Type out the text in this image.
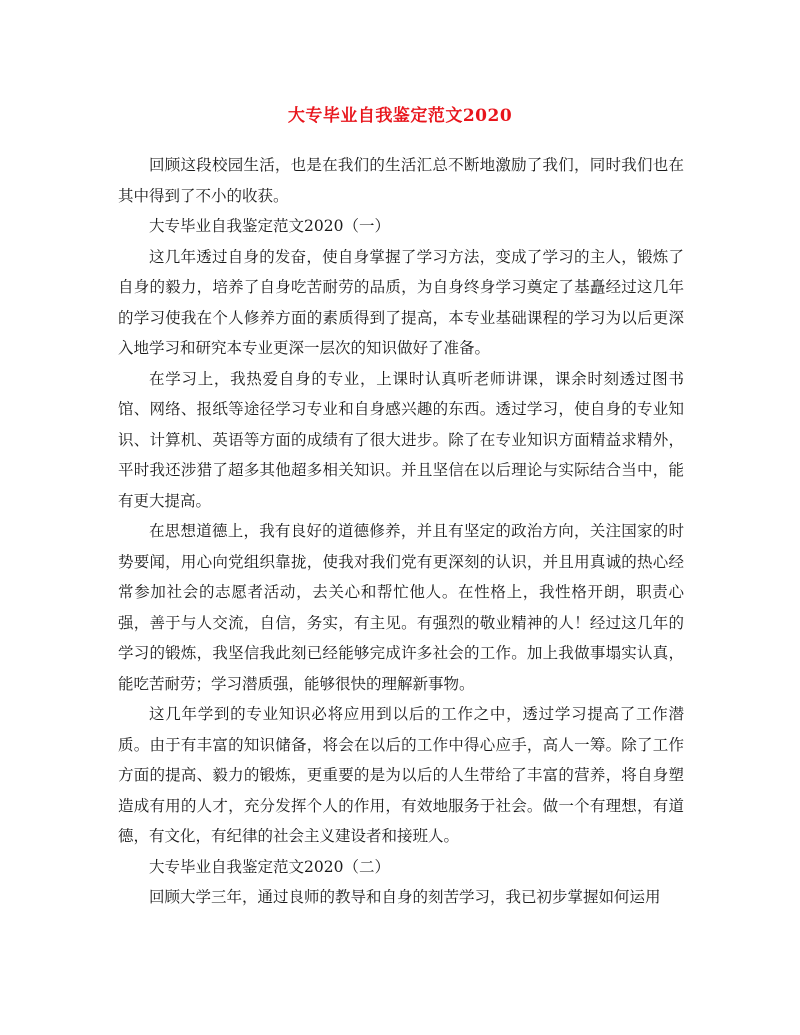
大专毕业自我鉴定范文2020

回顾这段校园生活，也是在我们的生活汇总不断地激励了我们，同时我们也在其中得到了不小的收获。

大专毕业自我鉴定范文2020（一）

这几年透过自身的发奋，使自身掌握了学习方法，变成了学习的主人，锻炼了自身的毅力，培养了自身吃苦耐劳的品质，为自身终身学习奠定了基矗经过这几年的学习使我在个人修养方面的素质得到了提高，本专业基础课程的学习为以后更深入地学习和研究本专业更深一层次的知识做好了准备。

在学习上，我热爱自身的专业，上课时认真听老师讲课，课余时刻透过图书馆、网络、报纸等途径学习专业和自身感兴趣的东西。透过学习，使自身的专业知识、计算机、英语等方面的成绩有了很大进步。除了在专业知识方面精益求精外，平时我还涉猎了超多其他超多相关知识。并且坚信在以后理论与实际结合当中，能有更大提高。

在思想道德上，我有良好的道德修养，并且有坚定的政治方向，关注国家的时势要闻，用心向党组织靠拢，使我对我们党有更深刻的认识，并且用真诚的热心经常参加社会的志愿者活动，去关心和帮忙他人。在性格上，我性格开朗，职责心强，善于与人交流，自信，务实，有主见。有强烈的敬业精神的人！经过这几年的学习的锻炼，我坚信我此刻已经能够完成许多社会的工作。加上我做事塌实认真，能吃苦耐劳；学习潜质强，能够很快的理解新事物。

这几年学到的专业知识必将应用到以后的工作之中，透过学习提高了工作潜质。由于有丰富的知识储备，将会在以后的工作中得心应手，高人一筹。除了工作方面的提高、毅力的锻炼，更重要的是为以后的人生带给了丰富的营养，将自身塑造成有用的人才，充分发挥个人的作用，有效地服务于社会。做一个有理想，有道德，有文化，有纪律的社会主义建设者和接班人。

大专毕业自我鉴定范文2020（二）

回顾大学三年，通过良师的教导和自身的刻苦学习，我已初步掌握如何运用
